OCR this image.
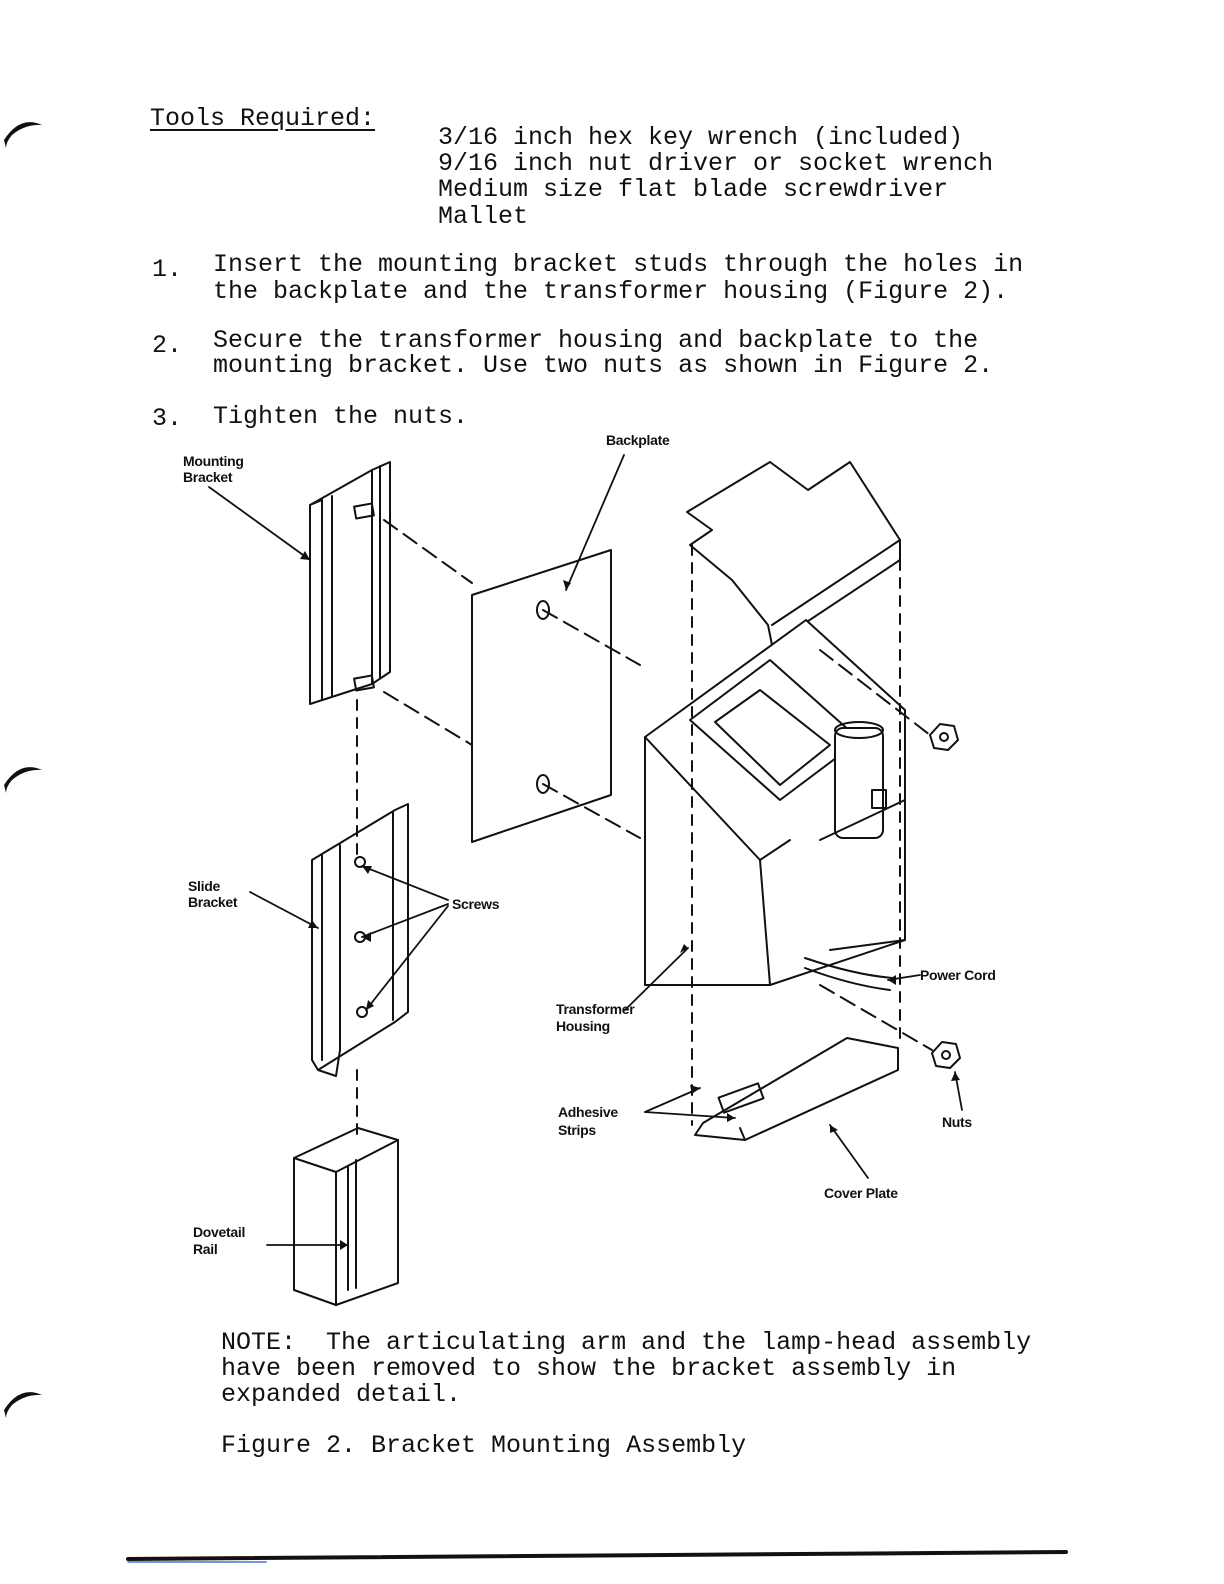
Tools Required:
3/16 inch hex key wrench (included)
9/16 inch nut driver or socket wrench
Medium size flat blade screwdriver
Mallet
1. Insert the mounting bracket studs through the holes in
the backplate and the transformer housing (Figure 2).
2. Secure the transformer housing and backplate to the
mounting bracket. Use two nuts as shown in Figure 2.
3. Tighten the nuts.
Backplate
Mounting
Bracket
Slide
Bracket	Screws
Transformer
Housing
Power Cord
Adhesive
Strips	Nuts
Cover Plate
Dovetail
Rail
NOTE:  The articulating arm and the lamp-head assembly
have been removed to show the bracket assembly in
expanded detail.
Figure 2. Bracket Mounting Assembly
